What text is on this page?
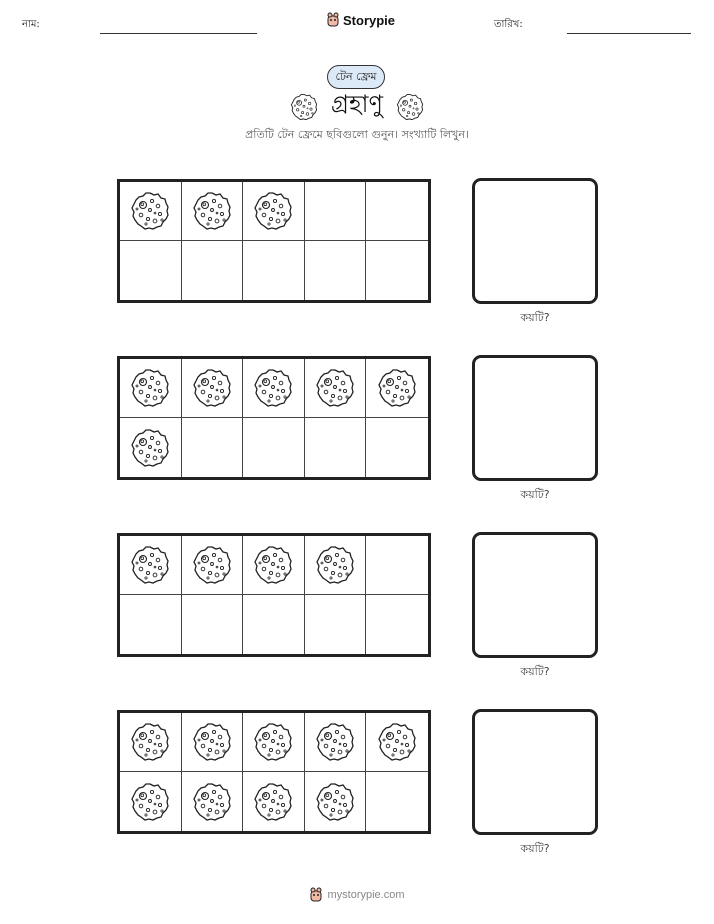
নাম:	Storypie	তারিখ:
টেন ফ্রেম
গ্রহাণু
প্রতিটি টেন ফ্রেমে ছবিগুলো গুনুন। সংখ্যাটি লিখুন।
কয়টি?
কয়টি?
কয়টি?
কয়টি?
mystorypie.com
